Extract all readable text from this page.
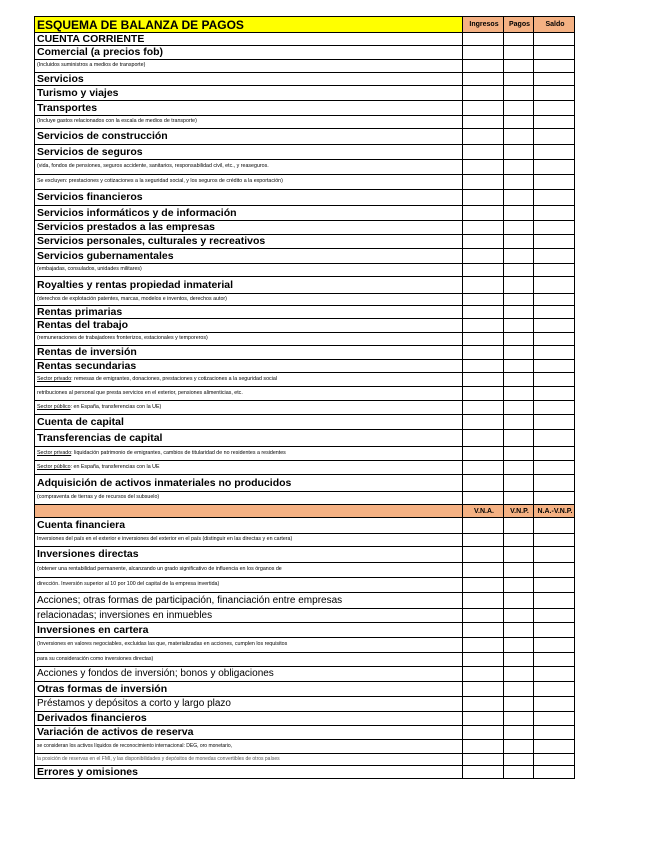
ESQUEMA DE BALANZA DE PAGOS	Ingresos	Pagos	Saldo
CUENTA CORRIENTE			
Comercial (a precios fob)			
(Incluidos suministros a medios de transporte)			
Servicios			
Turismo y viajes			
Transportes			
(Incluye gastos relacionados con la escala de medios de transporte)			
Servicios de construcción			
Servicios de seguros			
(vida, fondos de pensiones, seguros accidente, sanitarios, responsabilidad civil, etc., y reaseguros.			
Se excluyen: prestaciones y cotizaciones a la seguridad social, y los seguros de crédito a la exportación)			
Servicios financieros			
Servicios informáticos y de información			
Servicios prestados a las empresas			
Servicios personales, culturales y recreativos			
Servicios gubernamentales			
(embajadas, consulados, unidades militares)			
Royalties y rentas propiedad inmaterial			
(derechos de explotación patentes, marcas, modelos e inventos, derechos autor)			
Rentas primarias			
Rentas del trabajo			
(remuneraciones de trabajadores fronterizos, estacionales y temporeros)			
Rentas de inversión			
Rentas secundarias			
Sector privado: remesas de emigrantes, donaciones, prestaciones y cotizaciones a la seguridad social			
retribuciones al personal que presta servicios en el exterior, pensiones alimenticias, etc.			
Sector público: en España, transferencias con la UE)			
Cuenta de capital			
Transferencias de capital			
Sector privado: liquidación patrimonio de emigrantes, cambios de titularidad de no residentes a residentes			
Sector público: en España, transferencias con la UE			
Adquisición de activos inmateriales no producidos			
(compraventa de tierras y de recursos del subsuelo)			
	V.N.A.	V.N.P.	N.A.-V.N.P.
Cuenta financiera			
Inversiones del país en el exterior e inversiones del exterior en el país (distinguir en las directas y en cartera)			
Inversiones directas			
(obtener una rentabilidad permanente, alcanzando un grado significativo de influencia en los órganos de			
dirección. Inversión superior al 10 por 100 del capital de la empresa invertida)			
Acciones; otras formas de participación, financiación entre empresas			
relacionadas; inversiones en inmuebles			
Inversiones en cartera			
(Inversiones en valores negociables, excluidas las que, materializadas en acciones, cumplen los requisitos			
para su consideración como inversiones directas)			
Acciones y fondos de inversión; bonos y obligaciones			
Otras formas de inversión			
Préstamos y depósitos a corto y largo plazo			
Derivados financieros			
Variación de activos de reserva			
se consideran los activos líquidos de reconocimiento internacional: DEG, oro monetario,			
la posición de reservas en el FMI, y las disponibilidades y depósitos de monedas convertibles de otros países			
Errores y omisiones			
